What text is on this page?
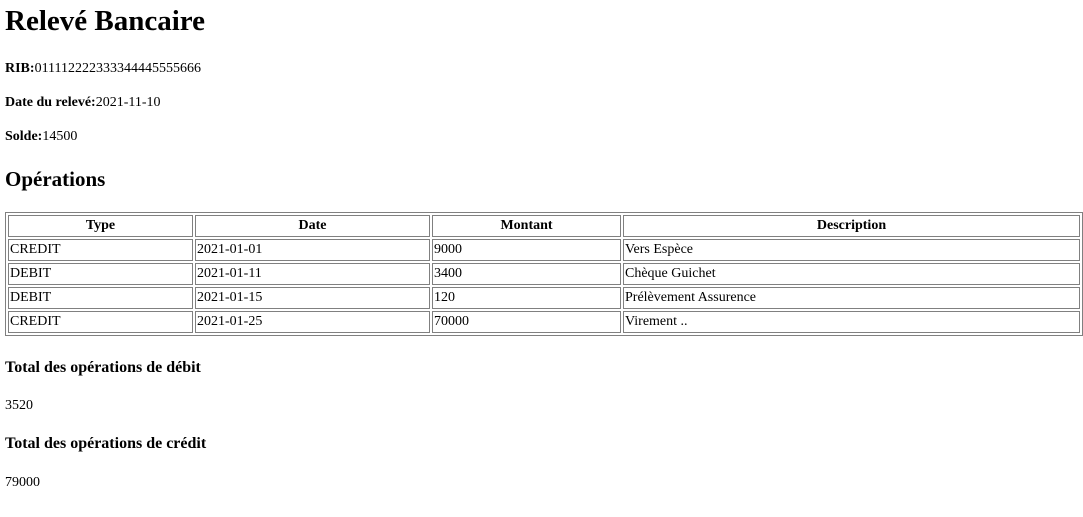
Relevé Bancaire
RIB:011112222333344445555666
Date du relevé:2021-11-10
Solde:14500
Opérations
Type	Date	Montant	Description
CREDIT	2021-01-01	9000	Vers Espèce
DEBIT	2021-01-11	3400	Chèque Guichet
DEBIT	2021-01-15	120	Prélèvement Assurence
CREDIT	2021-01-25	70000	Virement ..
Total des opérations de débit
3520
Total des opérations de crédit
79000
